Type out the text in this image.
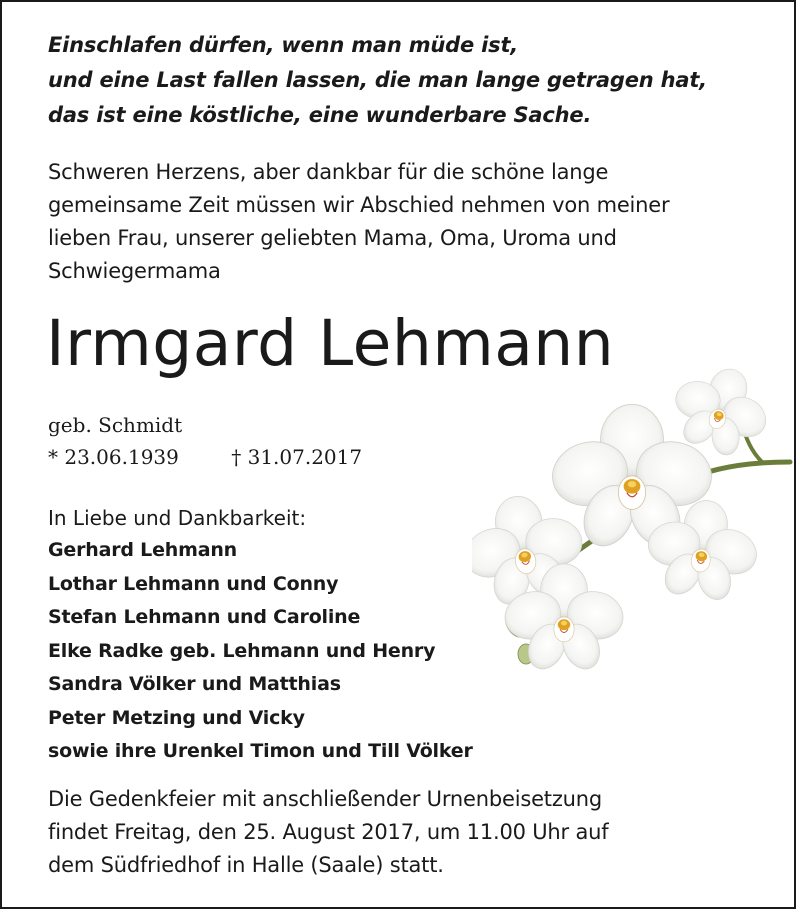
Einschlafen dürfen, wenn man müde ist,
und eine Last fallen lassen, die man lange getragen hat,
das ist eine köstliche, eine wunderbare Sache.
Schweren Herzens, aber dankbar für die schöne lange
gemeinsame Zeit müssen wir Abschied nehmen von meiner
lieben Frau, unserer geliebten Mama, Oma, Uroma und
Schwiegermama
Irmgard Lehmann
geb. Schmidt
* 23.06.1939	† 31.07.2017
In Liebe und Dankbarkeit:
Gerhard Lehmann
Lothar Lehmann und Conny
Stefan Lehmann und Caroline
Elke Radke geb. Lehmann und Henry
Sandra Völker und Matthias
Peter Metzing und Vicky
sowie ihre Urenkel Timon und Till Völker
Die Gedenkfeier mit anschließender Urnenbeisetzung
findet Freitag, den 25. August 2017, um 11.00 Uhr auf
dem Südfriedhof in Halle (Saale) statt.
